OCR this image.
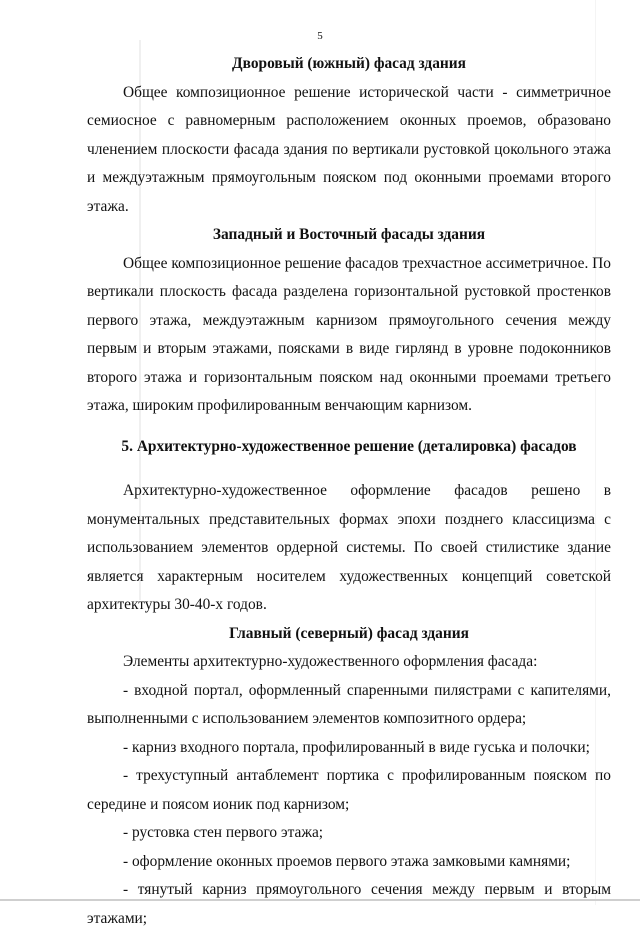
5

Дворовый (южный) фасад здания

Общее композиционное решение исторической части - симметричное семиосное с равномерным расположением оконных проемов, образовано членением плоскости фасада здания по вертикали рустовкой цокольного этажа и междуэтажным прямоугольным пояском под оконными проемами второго этажа.

Западный и Восточный фасады здания

Общее композиционное решение фасадов трехчастное ассиметричное. По вертикали плоскость фасада разделена горизонтальной рустовкой простенков первого этажа, междуэтажным карнизом прямоугольного сечения между первым и вторым этажами, поясками в виде гирлянд в уровне подоконников второго этажа и горизонтальным пояском над оконными проемами третьего этажа, широким профилированным венчающим карнизом.

5. Архитектурно-художественное решение (деталировка) фасадов

Архитектурно-художественное оформление фасадов решено в монументальных представительных формах эпохи позднего классицизма с использованием элементов ордерной системы. По своей стилистике здание является характерным носителем художественных концепций советской архитектуры 30-40-х годов.

Главный (северный) фасад здания

Элементы архитектурно-художественного оформления фасада:

- входной портал, оформленный спаренными пилястрами с капителями, выполненными с использованием элементов композитного ордера;

- карниз входного портала, профилированный в виде гуська и полочки;

- трехуступный антаблемент портика с профилированным пояском по середине и поясом ионик под карнизом;

- рустовка стен первого этажа;

- оформление оконных проемов первого этажа замковыми камнями;

- тянутый карниз прямоугольного сечения между первым и вторым этажами;
